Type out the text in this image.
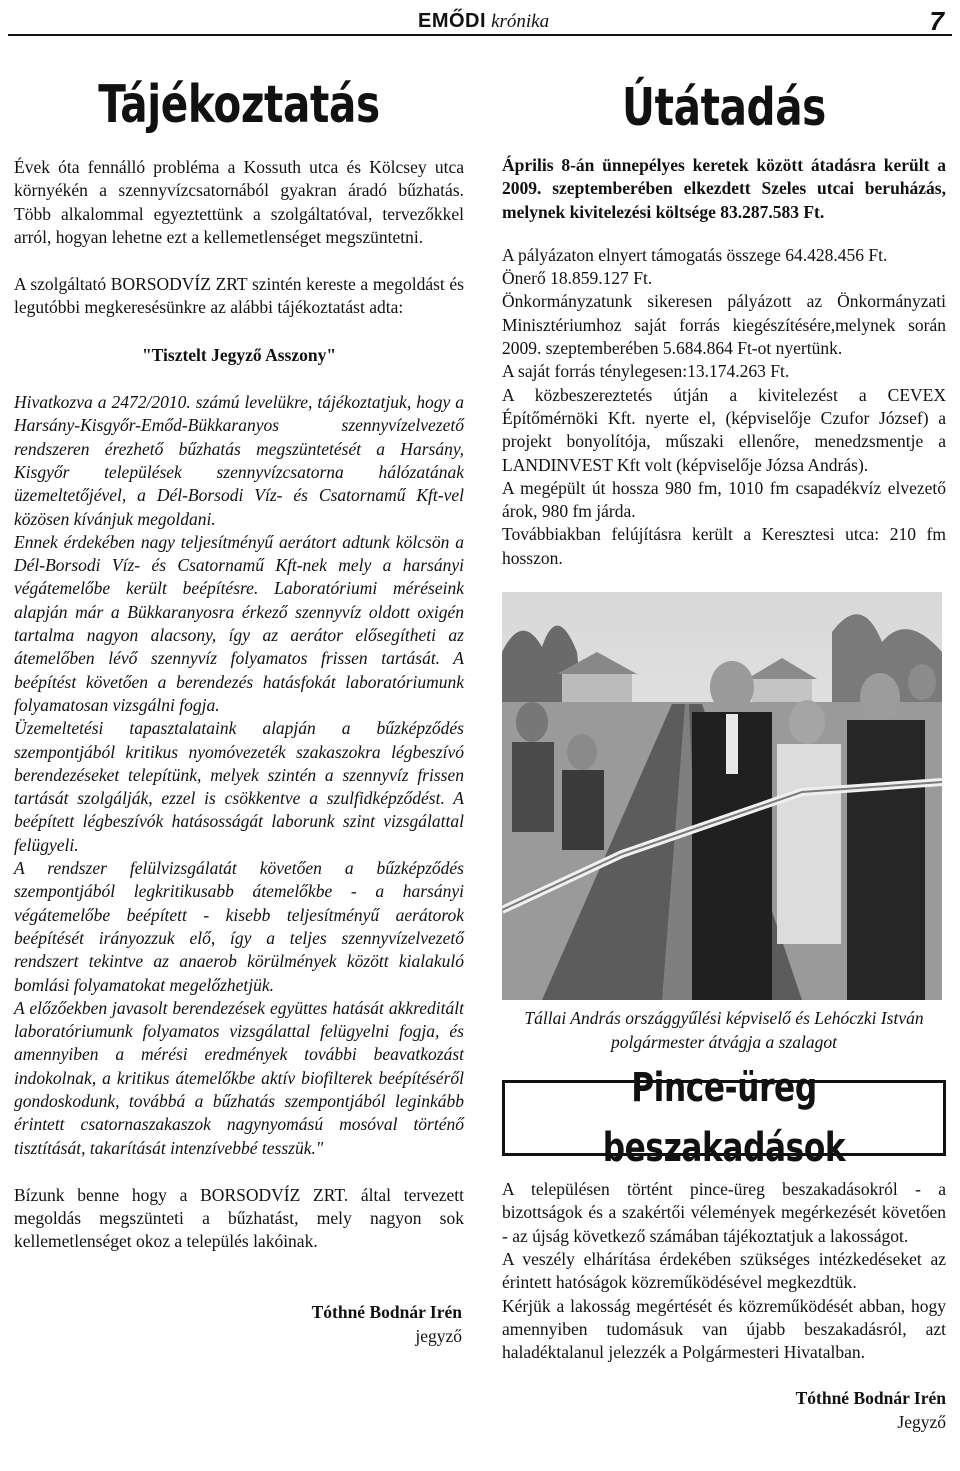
EMŐDI krónika	7
Tájékoztatás

Évek óta fennálló probléma a Kossuth utca és Kölcsey utca környékén a szennyvízcsatornából gyakran áradó bűzhatás. Több alkalommal egyeztettünk a szolgáltatóval, tervezőkkel arról, hogyan lehetne ezt a kellemetlenséget megszüntetni.

A szolgáltató BORSODVÍZ ZRT szintén kereste a megoldást és legutóbbi megkeresésünkre az alábbi tájékoztatást adta:

"Tisztelt Jegyző Asszony"

Hivatkozva a 2472/2010. számú levelükre, tájékoztatjuk, hogy a Harsány-Kisgyőr-Emőd-Bükkaranyos szennyvízelvezető rendszeren érezhető bűzhatás megszüntetését a Harsány, Kisgyőr települések szennyvízcsatorna hálózatának üzemeltetőjével, a Dél-Borsodi Víz- és Csatornamű Kft-vel közösen kívánjuk megoldani.

Ennek érdekében nagy teljesítményű aerátort adtunk kölcsön a Dél-Borsodi Víz- és Csatornamű Kft-nek mely a harsányi végátemelőbe került beépítésre. Laboratóriumi méréseink alapján már a Bükkaranyosra érkező szennyvíz oldott oxigén tartalma nagyon alacsony, így az aerátor elősegítheti az átemelőben lévő szennyvíz folyamatos frissen tartását. A beépítést követően a berendezés hatásfokát laboratóriumunk folyamatosan vizsgálni fogja.

Üzemeltetési tapasztalataink alapján a bűzképződés szempontjából kritikus nyomóvezeték szakaszokra légbeszívó berendezéseket telepítünk, melyek szintén a szennyvíz frissen tartását szolgálják, ezzel is csökkentve a szulfidképződést. A beépített légbeszívók hatásosságát laborunk szint vizsgálattal felügyeli.

A rendszer felülvizsgálatát követően a bűzképződés szempontjából legkritikusabb átemelőkbe - a harsányi végátemelőbe beépített - kisebb teljesítményű aerátorok beépítését irányozzuk elő, így a teljes szennyvízelvezető rendszert tekintve az anaerob körülmények között kialakuló bomlási folyamatokat megelőzhetjük.

A előzőekben javasolt berendezések együttes hatását akkreditált laboratóriumunk folyamatos vizsgálattal felügyelni fogja, és amennyiben a mérési eredmények további beavatkozást indokolnak, a kritikus átemelőkbe aktív biofilterek beépítéséről gondoskodunk, továbbá a bűzhatás szempontjából leginkább érintett csatornaszakaszok nagynyomású mosóval történő tisztítását, takarítását intenzívebbé tesszük."

Bízunk benne hogy a BORSODVÍZ ZRT. által tervezett megoldás megszünteti a bűzhatást, mely nagyon sok kellemetlenséget okoz a település lakóinak.

Tóthné Bodnár Irén
jegyző
Útátadás

Április 8-án ünnepélyes keretek között átadásra került a 2009. szeptemberében elkezdett Szeles utcai beruházás, melynek kivitelezési költsége 83.287.583 Ft.

A pályázaton elnyert támogatás összege 64.428.456 Ft.

Önerő 18.859.127 Ft.

Önkormányzatunk sikeresen pályázott az Önkormányzati Minisztériumhoz saját forrás kiegészítésére,melynek során 2009. szeptemberében 5.684.864 Ft-ot nyertünk.

A saját forrás ténylegesen:13.174.263 Ft.

A közbeszereztetés útján a kivitelezést a CEVEX Építőmérnöki Kft. nyerte el, (képviselője Czufor József) a projekt bonyolítója, műszaki ellenőre, menedzsmentje a LANDINVEST Kft volt (képviselője Józsa András).

A megépült út hossza 980 fm, 1010 fm csapadékvíz elvezető árok, 980 fm járda.

Továbbiakban felújításra került a Keresztesi utca: 210 fm hosszon.

Tállai András országgyűlési képviselő és Lehóczki István polgármester átvágja a szalagot
Pince-üreg beszakadások

A településen történt pince-üreg beszakadásokról - a bizottságok és a szakértői vélemények megérkezését követően - az újság következő számában tájékoztatjuk a lakosságot.

A veszély elhárítása érdekében szükséges intézkedéseket az érintett hatóságok közreműködésével megkezdtük.

Kérjük a lakosság megértését és közreműködését abban, hogy amennyiben tudomásuk van újabb beszakadásról, azt haladéktalanul jelezzék a Polgármesteri Hivatalban.

Tóthné Bodnár Irén
Jegyző
